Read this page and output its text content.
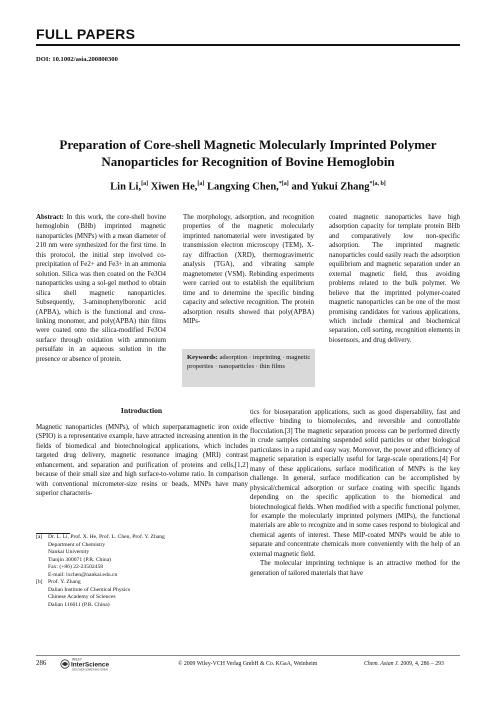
FULL PAPERS
DOI: 10.1002/asia.200800300
Preparation of Core-shell Magnetic Molecularly Imprinted Polymer
Nanoparticles for Recognition of Bovine Hemoglobin
Lin Li,[a] Xiwen He,[a] Langxing Chen,$^{*[a]}$ and Yukui Zhang$^{*[a, b]}$

Abstract: In this work, the core-shell bovine hemoglobin (BHb) imprinted magnetic nanoparticles (MNPs) with a mean diameter of 210 nm were synthesized for the first time. In this protocol, the initial step involved co-precipitation of Fe2+ and Fe3+ in an ammonia solution. Silica was then coated on the Fe3O4 nanoparticles using a sol-gel method to obtain silica shell magnetic nanoparticles. Subsequently, 3-aminophenylboronic acid (APBA), which is the functional and cross-linking monomer, and poly(APBA) thin films were coated onto the silica-modified Fe3O4 surface through oxidation with ammonium persulfate in an aqueous solution in the presence or absence of protein.

The morphology, adsorption, and recognition properties of the magnetic molecularly imprinted nanomaterial were investigated by transmission electron microscopy (TEM), X-ray diffraction (XRD), thermogravimetric analysis (TGA), and vibrating sample magnetometer (VSM). Rebinding experiments were carried out to establish the equilibrium time and to determine the specific binding capacity and selective recognition. The protein adsorption results showed that poly(APBA) MIPs-

coated magnetic nanoparticles have high adsorption capacity for template protein BHb and comparatively low non-specific adsorption. The imprinted magnetic nanoparticles could easily reach the adsorption equilibrium and magnetic separation under an external magnetic field, thus avoiding problems related to the bulk polymer. We believe that the imprinted polymer-coated magnetic nanoparticles can be one of the most promising candidates for various applications, which include chemical and biochemical separation, cell sorting, recognition elements in biosensors, and drug delivery.

Keywords: adsorption · imprinting · magnetic properties · nanoparticles · thin films
Introduction

Magnetic nanoparticles (MNPs), of which superparamagnetic iron oxide (SPIO) is a representative example, have attracted increasing attention in the fields of biomedical and biotechnological applications, which includes targeted drug delivery, magnetic resonance imaging (MRI) contrast enhancement, and separation and purification of proteins and cells,[1,2] because of their small size and high surface-to-volume ratio. In comparison with conventional micrometer-size resins or beads, MNPs have many superior characteris-

tics for bioseparation applications, such as good dispersability, fast and effective binding to biomolecules, and reversible and controllable flocculation.[3] The magnetic separation process can be performed directly in crude samples containing suspended solid particles or other biological particulates in a rapid and easy way. Moreover, the power and efficiency of magnetic separation is especially useful for large-scale operations.[4] For many of these applications, surface modification of MNPs is the key challenge. In general, surface modification can be accomplished by physical/chemical adsorption or surface coating with specific ligands depending on the specific application to the biomedical and biotechnological fields. When modified with a specific functional polymer, for example the molecularly imprinted polymers (MIPs), the functional materials are able to recognize and in some cases respond to biological and chemical agents of interest. These MIP-coated MNPs would be able to separate and concentrate chemicals more conveniently with the help of an external magnetic field.

The molecular imprinting technique is an attractive method for the generation of tailored materials that have

[a]	Dr. L. Li, Prof. X. He, Prof. L. Chen, Prof. Y. Zhang
Department of Chemistry
Nankai University
Tianjin 300071 (P.R. China)
Fax: (+86) 22-23502458
E-mail: lxchen@nankai.edu.cn
[b] Prof. Y. Zhang
Dalian Institute of Chemical Physics
Chinese Academy of Sciences
Dalian 116011 (P.R. China)
286
WILEY
InterScience
DISCOVER SOMETHING GREAT
© 2009 Wiley-VCH Verlag GmbH & Co. KGaA, Weinheim	Chem. Asian J. 2009, 4, 286 – 293
